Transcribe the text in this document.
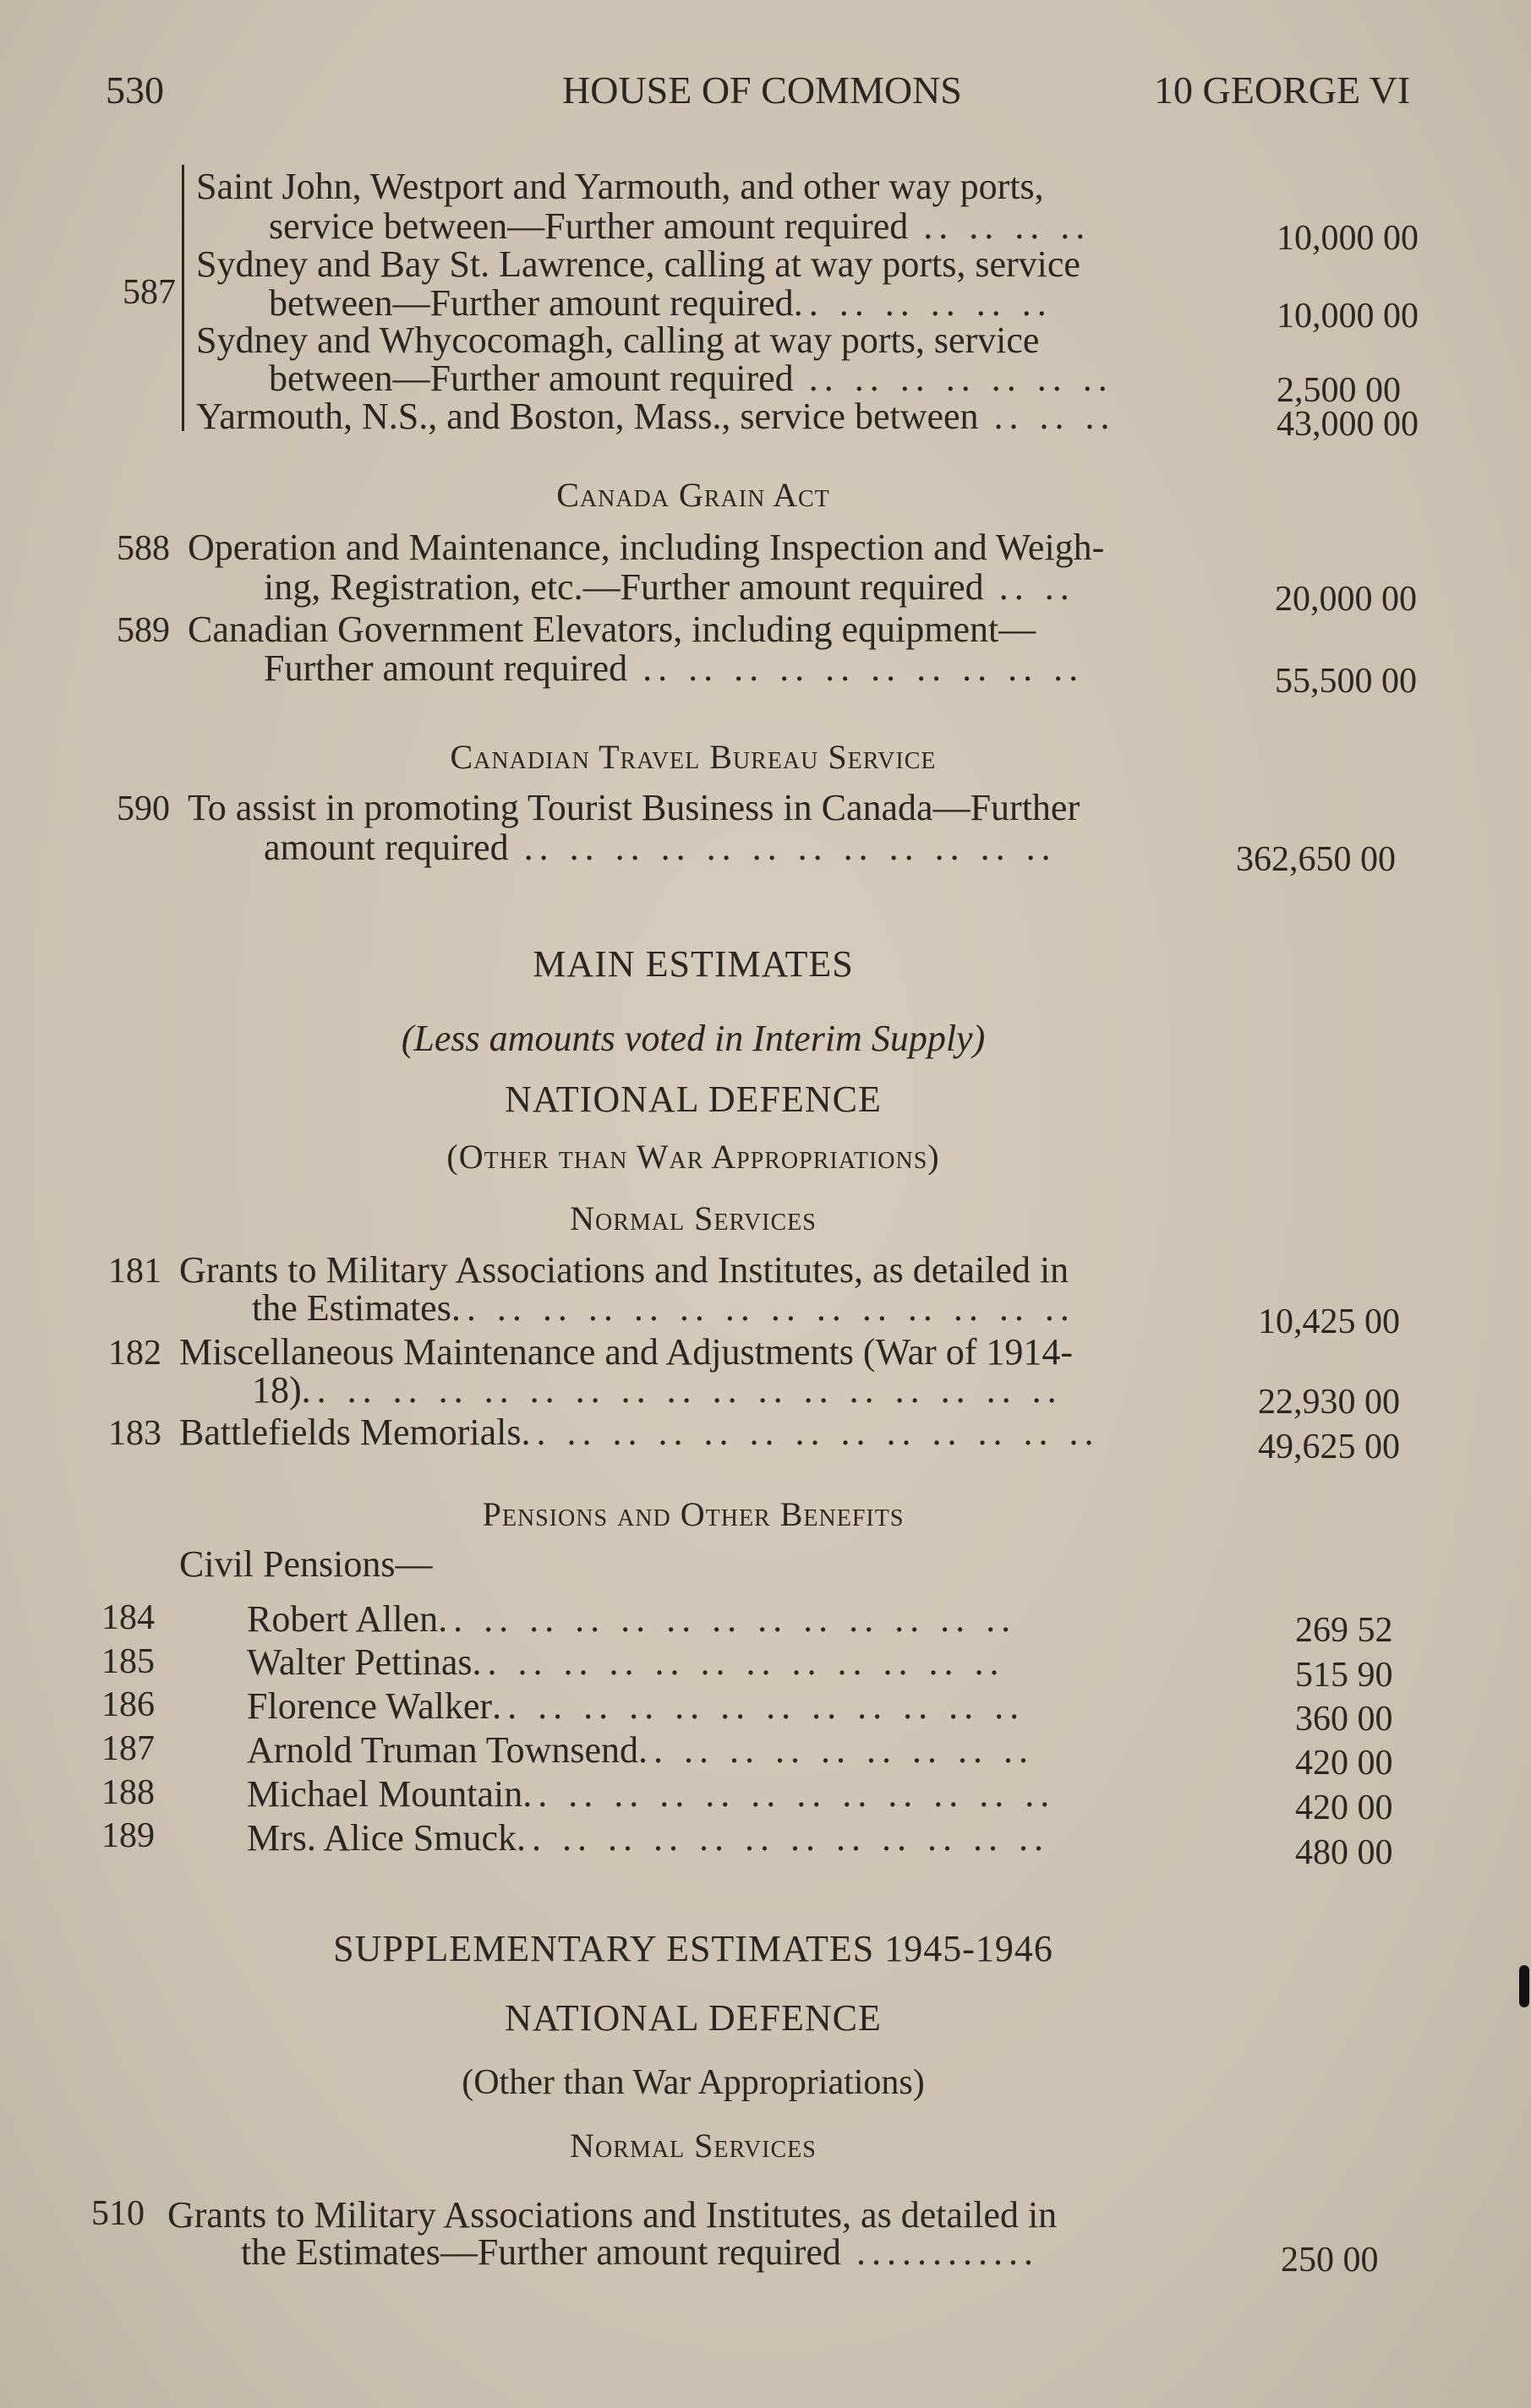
530	HOUSE OF COMMONS	10 GEORGE VI
587
Saint John, Westport and Yarmouth, and other way ports,
service between—Further amount required .. .. .. ..	10,000 00
Sydney and Bay St. Lawrence, calling at way ports, service
between—Further amount required.. .. .. .. .. ..	10,000 00
Sydney and Whycocomagh, calling at way ports, service
between—Further amount required .. .. .. .. .. .. ..	2,500 00
Yarmouth, N.S., and Boston, Mass., service between .. .. ..	43,000 00
Canada Grain Act
588 Operation and Maintenance, including Inspection and Weigh-
ing, Registration, etc.—Further amount required .. ..	20,000 00
589 Canadian Government Elevators, including equipment—
Further amount required .. .. .. .. .. .. .. .. .. ..	55,500 00
Canadian Travel Bureau Service
590 To assist in promoting Tourist Business in Canada—Further
amount required .. .. .. .. .. .. .. .. .. .. .. ..	362,650 00
MAIN ESTIMATES
(Less amounts voted in Interim Supply)
NATIONAL DEFENCE
(Other than War Appropriations)
Normal Services
181 Grants to Military Associations and Institutes, as detailed in
the Estimates.. .. .. .. .. .. .. .. .. .. .. .. .. ..	10,425 00
182 Miscellaneous Maintenance and Adjustments (War of 1914-
18).. .. .. .. .. .. .. .. .. .. .. .. .. .. .. .. ..	22,930 00
183 Battlefields Memorials.. .. .. .. .. .. .. .. .. .. .. .. ..	49,625 00
Pensions and Other Benefits
Civil Pensions—
184 Robert Allen.. .. .. .. .. .. .. .. .. .. .. .. ..	269 52
185 Walter Pettinas.. .. .. .. .. .. .. .. .. .. .. ..	515 90
186 Florence Walker.. .. .. .. .. .. .. .. .. .. .. ..	360 00
187 Arnold Truman Townsend.. .. .. .. .. .. .. .. ..	420 00
188 Michael Mountain.. .. .. .. .. .. .. .. .. .. .. ..	420 00
189 Mrs. Alice Smuck.. .. .. .. .. .. .. .. .. .. .. ..	480 00
SUPPLEMENTARY ESTIMATES 1945-1946
NATIONAL DEFENCE
(Other than War Appropriations)
Normal Services
510 Grants to Military Associations and Institutes, as detailed in
the Estimates—Further amount required ............	250 00
